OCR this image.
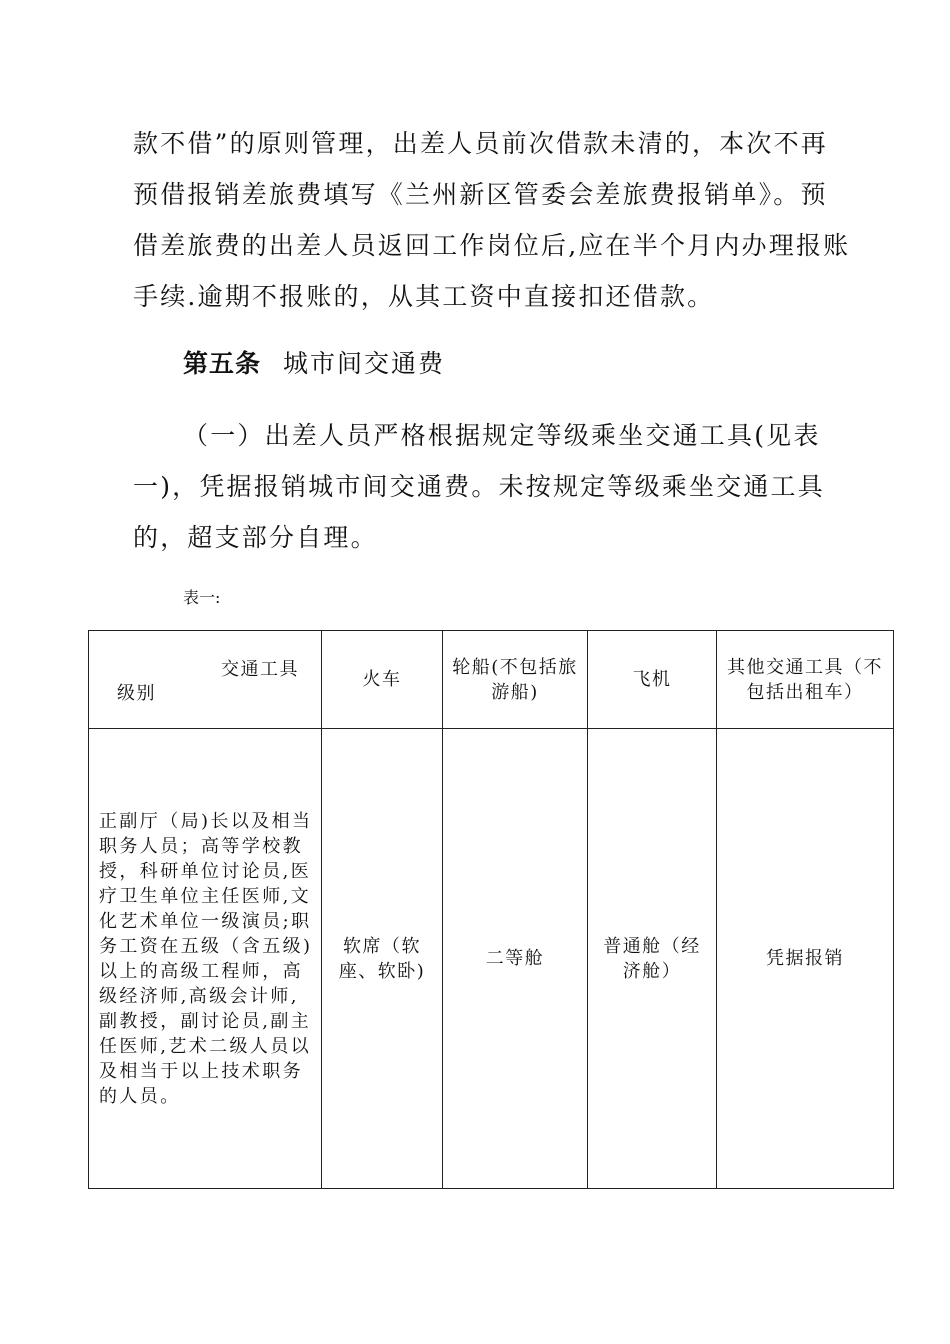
款不借”的原则管理，出差人员前次借款未清的，本次不再预借报销差旅费填写《兰州新区管委会差旅费报销单》。预借差旅费的出差人员返回工作岗位后,应在半个月内办理报账手续.逾期不报账的，从其工资中直接扣还借款。

第五条 城市间交通费

（一）出差人员严格根据规定等级乘坐交通工具(见表一)，凭据报销城市间交通费。未按规定等级乘坐交通工具的，超支部分自理。

表一:

交通工具
级别	火车	轮船(不包括旅游船)	飞机	其他交通工具（不包括出租车）
正副厅（局)长以及相当职务人员；高等学校教授，科研单位讨论员,医疗卫生单位主任医师,文化艺术单位一级演员;职务工资在五级（含五级)以上的高级工程师，高级经济师,高级会计师,副教授，副讨论员,副主任医师,艺术二级人员以及相当于以上技术职务的人员。	软席（软座、软卧)	二等舱	普通舱（经济舱）	凭据报销
